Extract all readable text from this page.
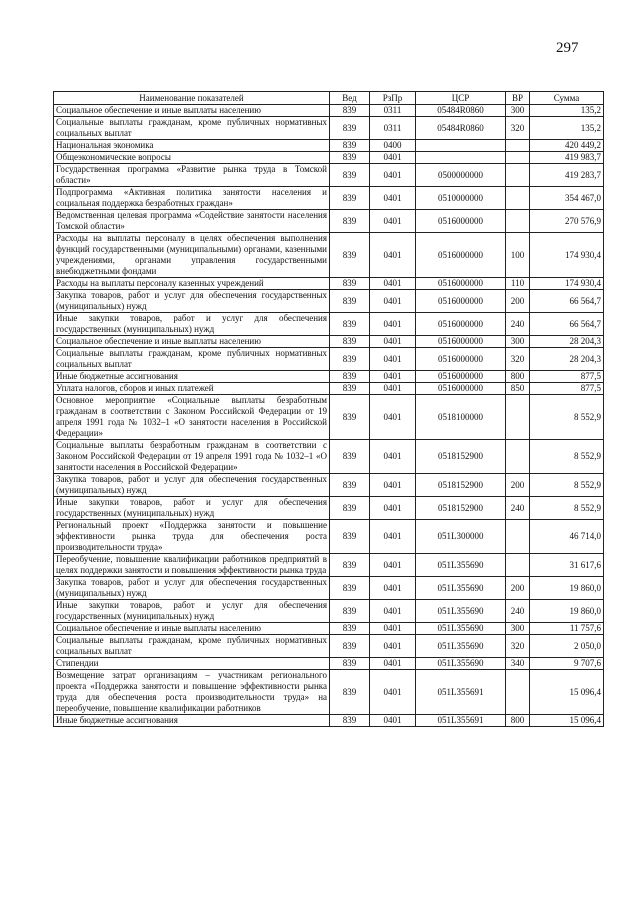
297
Наименование показателей	Вед	РзПр	ЦСР	ВР	Сумма
Социальное обеспечение и иные выплаты населению	839	0311	05484R0860	300	135,2
Социальные выплаты гражданам, кроме публичных нормативных социальных выплат	839	0311	05484R0860	320	135,2
Национальная экономика	839	0400			420 449,2
Общеэкономические вопросы	839	0401			419 983,7
Государственная программа «Развитие рынка труда в Томской области»	839	0401	0500000000		419 283,7
Подпрограмма «Активная политика занятости населения и социальная поддержка безработных граждан»	839	0401	0510000000		354 467,0
Ведомственная целевая программа «Содействие занятости населения Томской области»	839	0401	0516000000		270 576,9
Расходы на выплаты персоналу в целях обеспечения выполнения функций государственными (муниципальными) органами, казенными учреждениями, органами управления государственными внебюджетными фондами	839	0401	0516000000	100	174 930,4
Расходы на выплаты персоналу казенных учреждений	839	0401	0516000000	110	174 930,4
Закупка товаров, работ и услуг для обеспечения государственных (муниципальных) нужд	839	0401	0516000000	200	66 564,7
Иные закупки товаров, работ и услуг для обеспечения государственных (муниципальных) нужд	839	0401	0516000000	240	66 564,7
Социальное обеспечение и иные выплаты населению	839	0401	0516000000	300	28 204,3
Социальные выплаты гражданам, кроме публичных нормативных социальных выплат	839	0401	0516000000	320	28 204,3
Иные бюджетные ассигнования	839	0401	0516000000	800	877,5
Уплата налогов, сборов и иных платежей	839	0401	0516000000	850	877,5
Основное мероприятие «Социальные выплаты безработным гражданам в соответствии с Законом Российской Федерации от 19 апреля 1991 года № 1032–1 «О занятости населения в Российской Федерации»	839	0401	0518100000		8 552,9
Социальные выплаты безработным гражданам в соответствии с Законом Российской Федерации от 19 апреля 1991 года № 1032–1 «О занятости населения в Российской Федерации»	839	0401	0518152900		8 552,9
Закупка товаров, работ и услуг для обеспечения государственных (муниципальных) нужд	839	0401	0518152900	200	8 552,9
Иные закупки товаров, работ и услуг для обеспечения государственных (муниципальных) нужд	839	0401	0518152900	240	8 552,9
Региональный проект «Поддержка занятости и повышение эффективности рынка труда для обеспечения роста производительности труда»	839	0401	051L300000		46 714,0
Переобучение, повышение квалификации работников предприятий в целях поддержки занятости и повышения эффективности рынка труда	839	0401	051L355690		31 617,6
Закупка товаров, работ и услуг для обеспечения государственных (муниципальных) нужд	839	0401	051L355690	200	19 860,0
Иные закупки товаров, работ и услуг для обеспечения государственных (муниципальных) нужд	839	0401	051L355690	240	19 860,0
Социальное обеспечение и иные выплаты населению	839	0401	051L355690	300	11 757,6
Социальные выплаты гражданам, кроме публичных нормативных социальных выплат	839	0401	051L355690	320	2 050,0
Стипендии	839	0401	051L355690	340	9 707,6
Возмещение затрат организациям – участникам регионального проекта «Поддержка занятости и повышение эффективности рынка труда для обеспечения роста производительности труда» на переобучение, повышение квалификации работников	839	0401	051L355691		15 096,4
Иные бюджетные ассигнования	839	0401	051L355691	800	15 096,4
